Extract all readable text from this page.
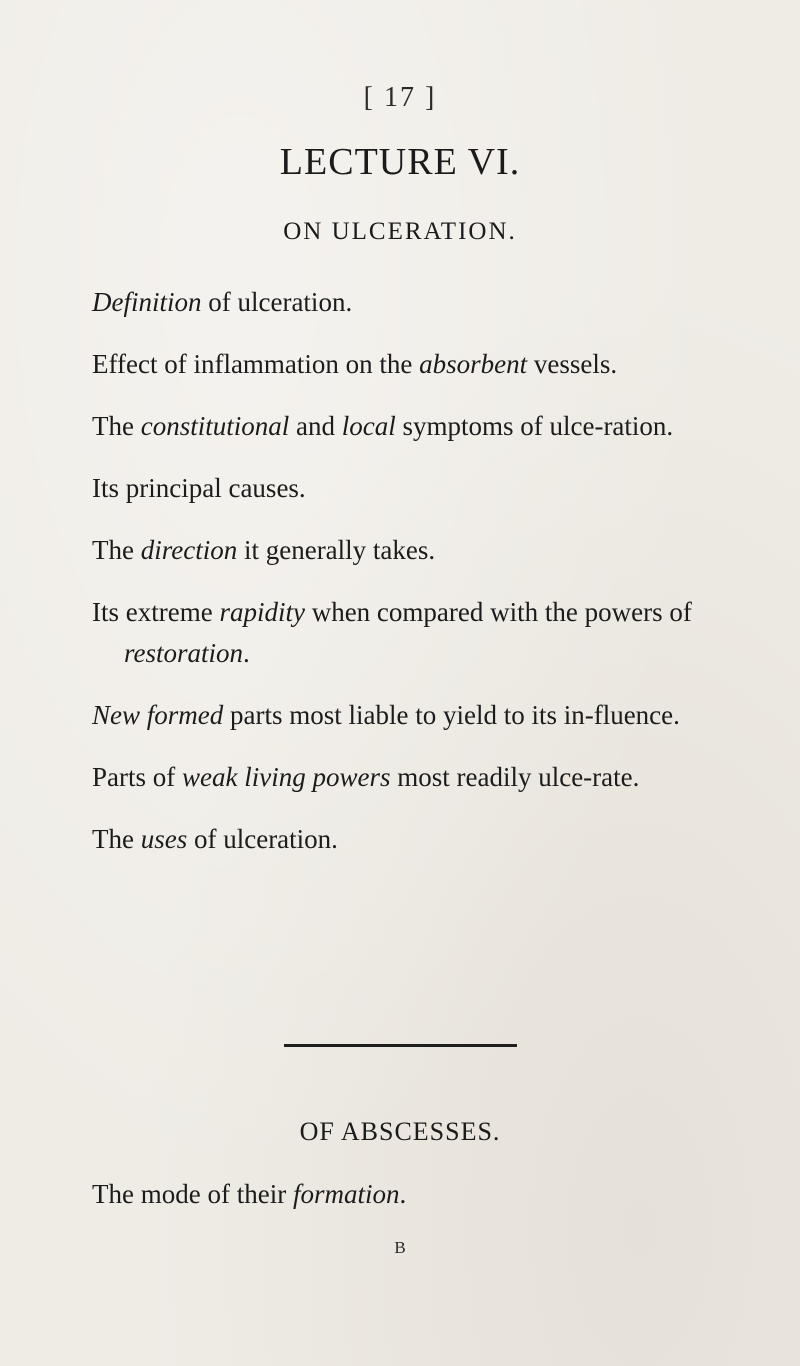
[ 17 ]
LECTURE VI.
ON ULCERATION.
Definition of ulceration.
Effect of inflammation on the absorbent vessels.
The constitutional and local symptoms of ulce-ration.
Its principal causes.
The direction it generally takes.
Its extreme rapidity when compared with the powers of restoration.
New formed parts most liable to yield to its in-fluence.
Parts of weak living powers most readily ulce-rate.
The uses of ulceration.
OF ABSCESSES.
The mode of their formation.
B
